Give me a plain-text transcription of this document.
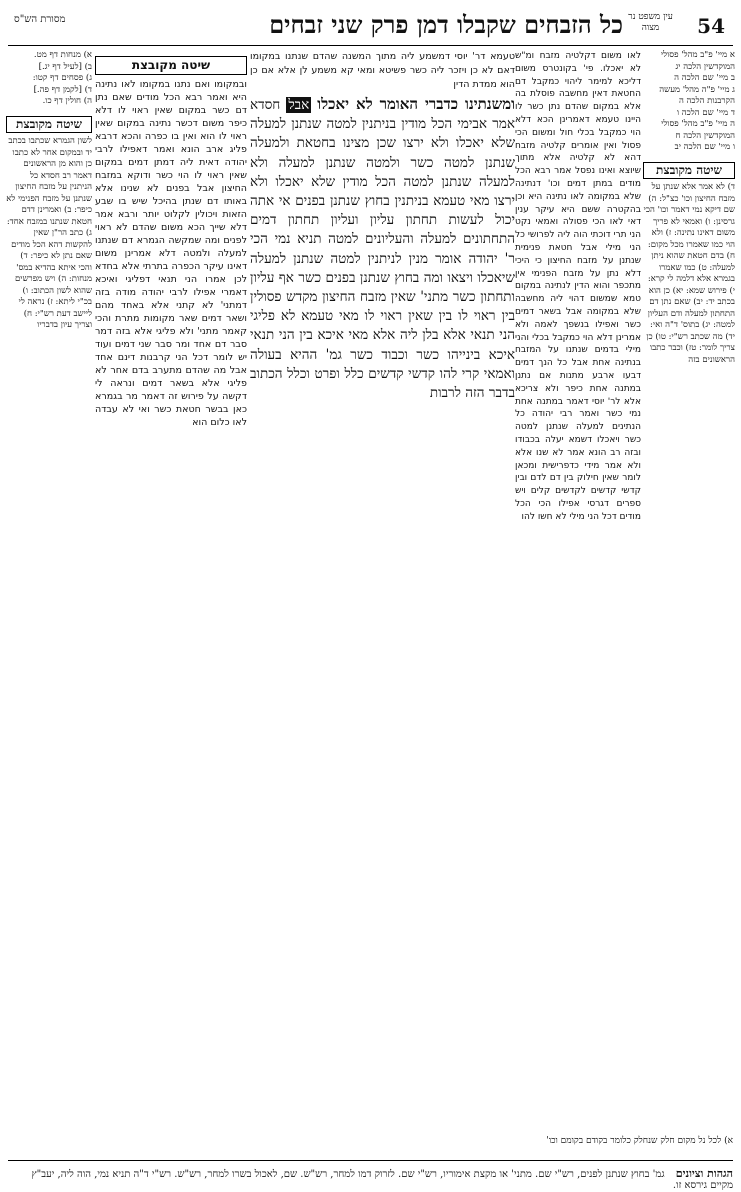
54
עין משפט נר מצוה
כל הזבחים שקבלו דמן פרק שני זבחים
מסורת הש"ס

טעמא דר' יוסי דמשמע ליה מתוך המשנה שהדם שנתנו במקומו דאם לא כן ויזכר ליה כשר פשיטא ומאי קא משמע לן אלא אם כן הוא ממדת הדין

ומשנתינו כדברי האומר לא יאכלו אבל חסדא אמר אבימי הכל מודין בניתנין למטה שנתנן למעלה שלא יאכלו ולא ירצו שכן מצינו בחטאת ולמעלה שנתנן למטה כשר ולמטה שנתנן למעלה ולא למעלה שנתנן למטה הכל מודין שלא יאכלו ולא ירצו מאי טעמא בניתנין בחוץ שנתנן בפנים אי אתה יכול לעשות תחתון עליון ועליון תחתון דמים התחתונים למעלה והעליונים למטה תניא נמי הכי ר' יהודה אומר מנין לניתנין למטה שנתנן למעלה שיאכלו ויצאו ומה בחוץ שנתנן בפנים כשר אף עליון ותחתון כשר מתני' שאין מזבח החיצון מקדש פסולין בין ראוי לו בין שאין ראוי לו מאי טעמא לא פליגי הני תנאי אלא בלן ליה אלא מאי איכא בין הני תנאי איכא בינייהו כשר וכבוד כשר גמ' ההיא בעולה ואמאי קרי להו קדשי קדשים כלל ופרט וכלל הכתוב בדבר הזה לרבות

לאו משום דקלטיה מזבח ומ"ש לא יאכלו. פי' בקונטרס משום דליכא למימר ליהוי כמקבל דם החטאת דאין מחשבה פוסלת בה אלא במקום שהדם נתן כשר לו היינו טעמא דאמרינן הכא דלא הוי כמקבל בכלי חול ומשום הכי פסול ואין אומרים קלטיה מזבח דהא לא קלטיה אלא מתוך שיוצא ואינו נפסל אמר רבא הכל מודים במתן דמים וכו' דנתינה שלא במקומה לאו נתינה היא וכן בהקטרה ששם היא עיקר ענין דאי לאו הכי פסולה ואמאי נקט הני תרי דוכתי הוה ליה לפרושי כל הני מילי אבל חטאת פנימית שנתנן על מזבח החיצון כי היכי דלא נתן על מזבח הפנימי אין מתכפר והוא הדין לנתינה במקום טמא שמשום דהוי ליה מחשבה שלא במקומה אבל בשאר דמים כשר ואפילו בנשפך לאמה ולא אמרינן דלא הוי כמקבל בכלי והני מילי בדמים שנתנו על המזבח בנתינה אחת אבל כל הנך דמים דבעו ארבע מתנות אם נתנן במתנה אחת כיפר ולא צריכא אלא לר' יוסי דאמר במתנה אחת נמי כשר ואמר רבי יהודה כל הנתינים למעלה שנתנן למטה כשר ויאכלו דשמא יעלה בכבודו ובזה רב הונא אמר לא שנו אלא ולא אמר מידי כדפרישית ומכאן לומר שאין חילוק בין דם לדם ובין קדשי קדשים לקדשים קלים ויש ספרים דגרסי אפילו הכי הכל מודים דכל הני מילי לא חשו להו

שיטה מקובצת

ובמקומו ואם נתנו במקומו לאו נתינה היא ואמר רבא הכל מודים שאם נתן דם כשר במקום שאין ראוי לו דלא כיפר משום דכשר נתינה במקום שאין ראוי לו הוא ואין בו כפרה והכא דרבא פליג ארב הונא ואמר דאפילו לרבי יהודה דאית ליה דמתן דמים במקום שאין ראוי לו הוי כשר ודוקא במזבח החיצון אבל בפנים לא שנינו אלא באותו דם שנתן בהיכל שיש בו שבע הזאות ויכולין לקלוט יותר ורבא אמר דלא שייך הכא משום שהדם לא ראוי לפנים ומה שמקשה הגמרא דם שנתנו למעלה ולמטה דלא אמרינן משום דאינו עיקר הכפרה בתרתי אלא בחדא לכן אמרו הני תנאי דפליגי ואיכא דאמרי אפילו לרבי יהודה מודה בזה דמתני' לא קתני אלא באחד מהם ושאר דמים שאר מקומות מתרת והכי קאמר מתני' ולא פליגי אלא בזה דמר סבר דם אחד ומר סבר שני דמים ועוד יש לומר דכל הני קרבנות דינם אחד אבל מה שהדם מתערב בדם אחר לא פליגי אלא בשאר דמים ונראה לי דקשה על פירוש זה דאמר מר בגמרא כאן בבשר חטאת כשר ואי לא עבדה לאו כלום הוא

א מיי' פ"ב מהל' פסולי המוקדשין הלכה יג

ב מיי' שם הלכה ה

ג מיי' פ"ה מהל' מעשה הקרבנות הלכה ה

ד מיי' שם הלכה ו

ה מיי' פ"ב מהל' פסולי המוקדשין הלכה ח

ו מיי' שם הלכה יב

שיטה מקובצת

ד) לא אמר אלא שנתן על מזבח החיצון וכו' כצ"ל: ה) שם דיקא נמי דאמר וכו' הכי גרסינן: ו) ואמאי לא פריך משום דאינו נתינה: ז) ולא הוי כמו שאמרו מכל מקום: ח) בדם חטאת שהוא ניתן למעלה: ט) כמו שאמרו בגמרא אלא דלמה לי קרא: י) פירוש שמא: יא) כן הוא בכתב יד: יב) שאם נתן דם התחתון למעלה ודם העליון למטה: יג) בתוס' ד"ה ואי: יד) מה שכתב רש"י: טו) כן צריך לומר: טז) וכבר כתבו הראשונים בזה

א) מנחות דף מט.

ב) [לעיל דף יג.]

ג) פסחים דף קטו:

ד) [לקמן דף פה.]

ה) חולין דף כו.

שיטה מקובצת

לשון הגמרא שכתבו בכתב יד ובמקום אחר לא כתבו כן והוא מן הראשונים דאמר רב חסדא כל הניתנין על מזבח החיצון שנתנן על מזבח הפנימי לא כיפר: ב) ואמרינן דדם חטאת שנתנו במזבח אחד: ג) כתב הר"ן שאין להקשות דהא הכל מודים שאם נתן לא כיפר: ד) והכי איתא בהדיא במס' מנחות: ה) ויש מפרשים שהוא לשון הכתוב: ו) בכ"י ליתא: ז) נראה לי ליישב דעת רש"י: ח) וצריך עיון בדבריו

א) לכל נל מקום חלק שנחלק כלומר בקודם בקומם וכו'
הגהות וציונים גמ' בחוץ שנתנן לפנים, רש"י שם. מתני' או מקצת אימוריו, רש"י שם. לזרוק דמו למחר, רש"ש. שם, לאכול בשרו למחר, רש"ש. רש"י ד"ה תניא נמי, הוה ליה, יעב"ץ מקיים גירסא זו.
